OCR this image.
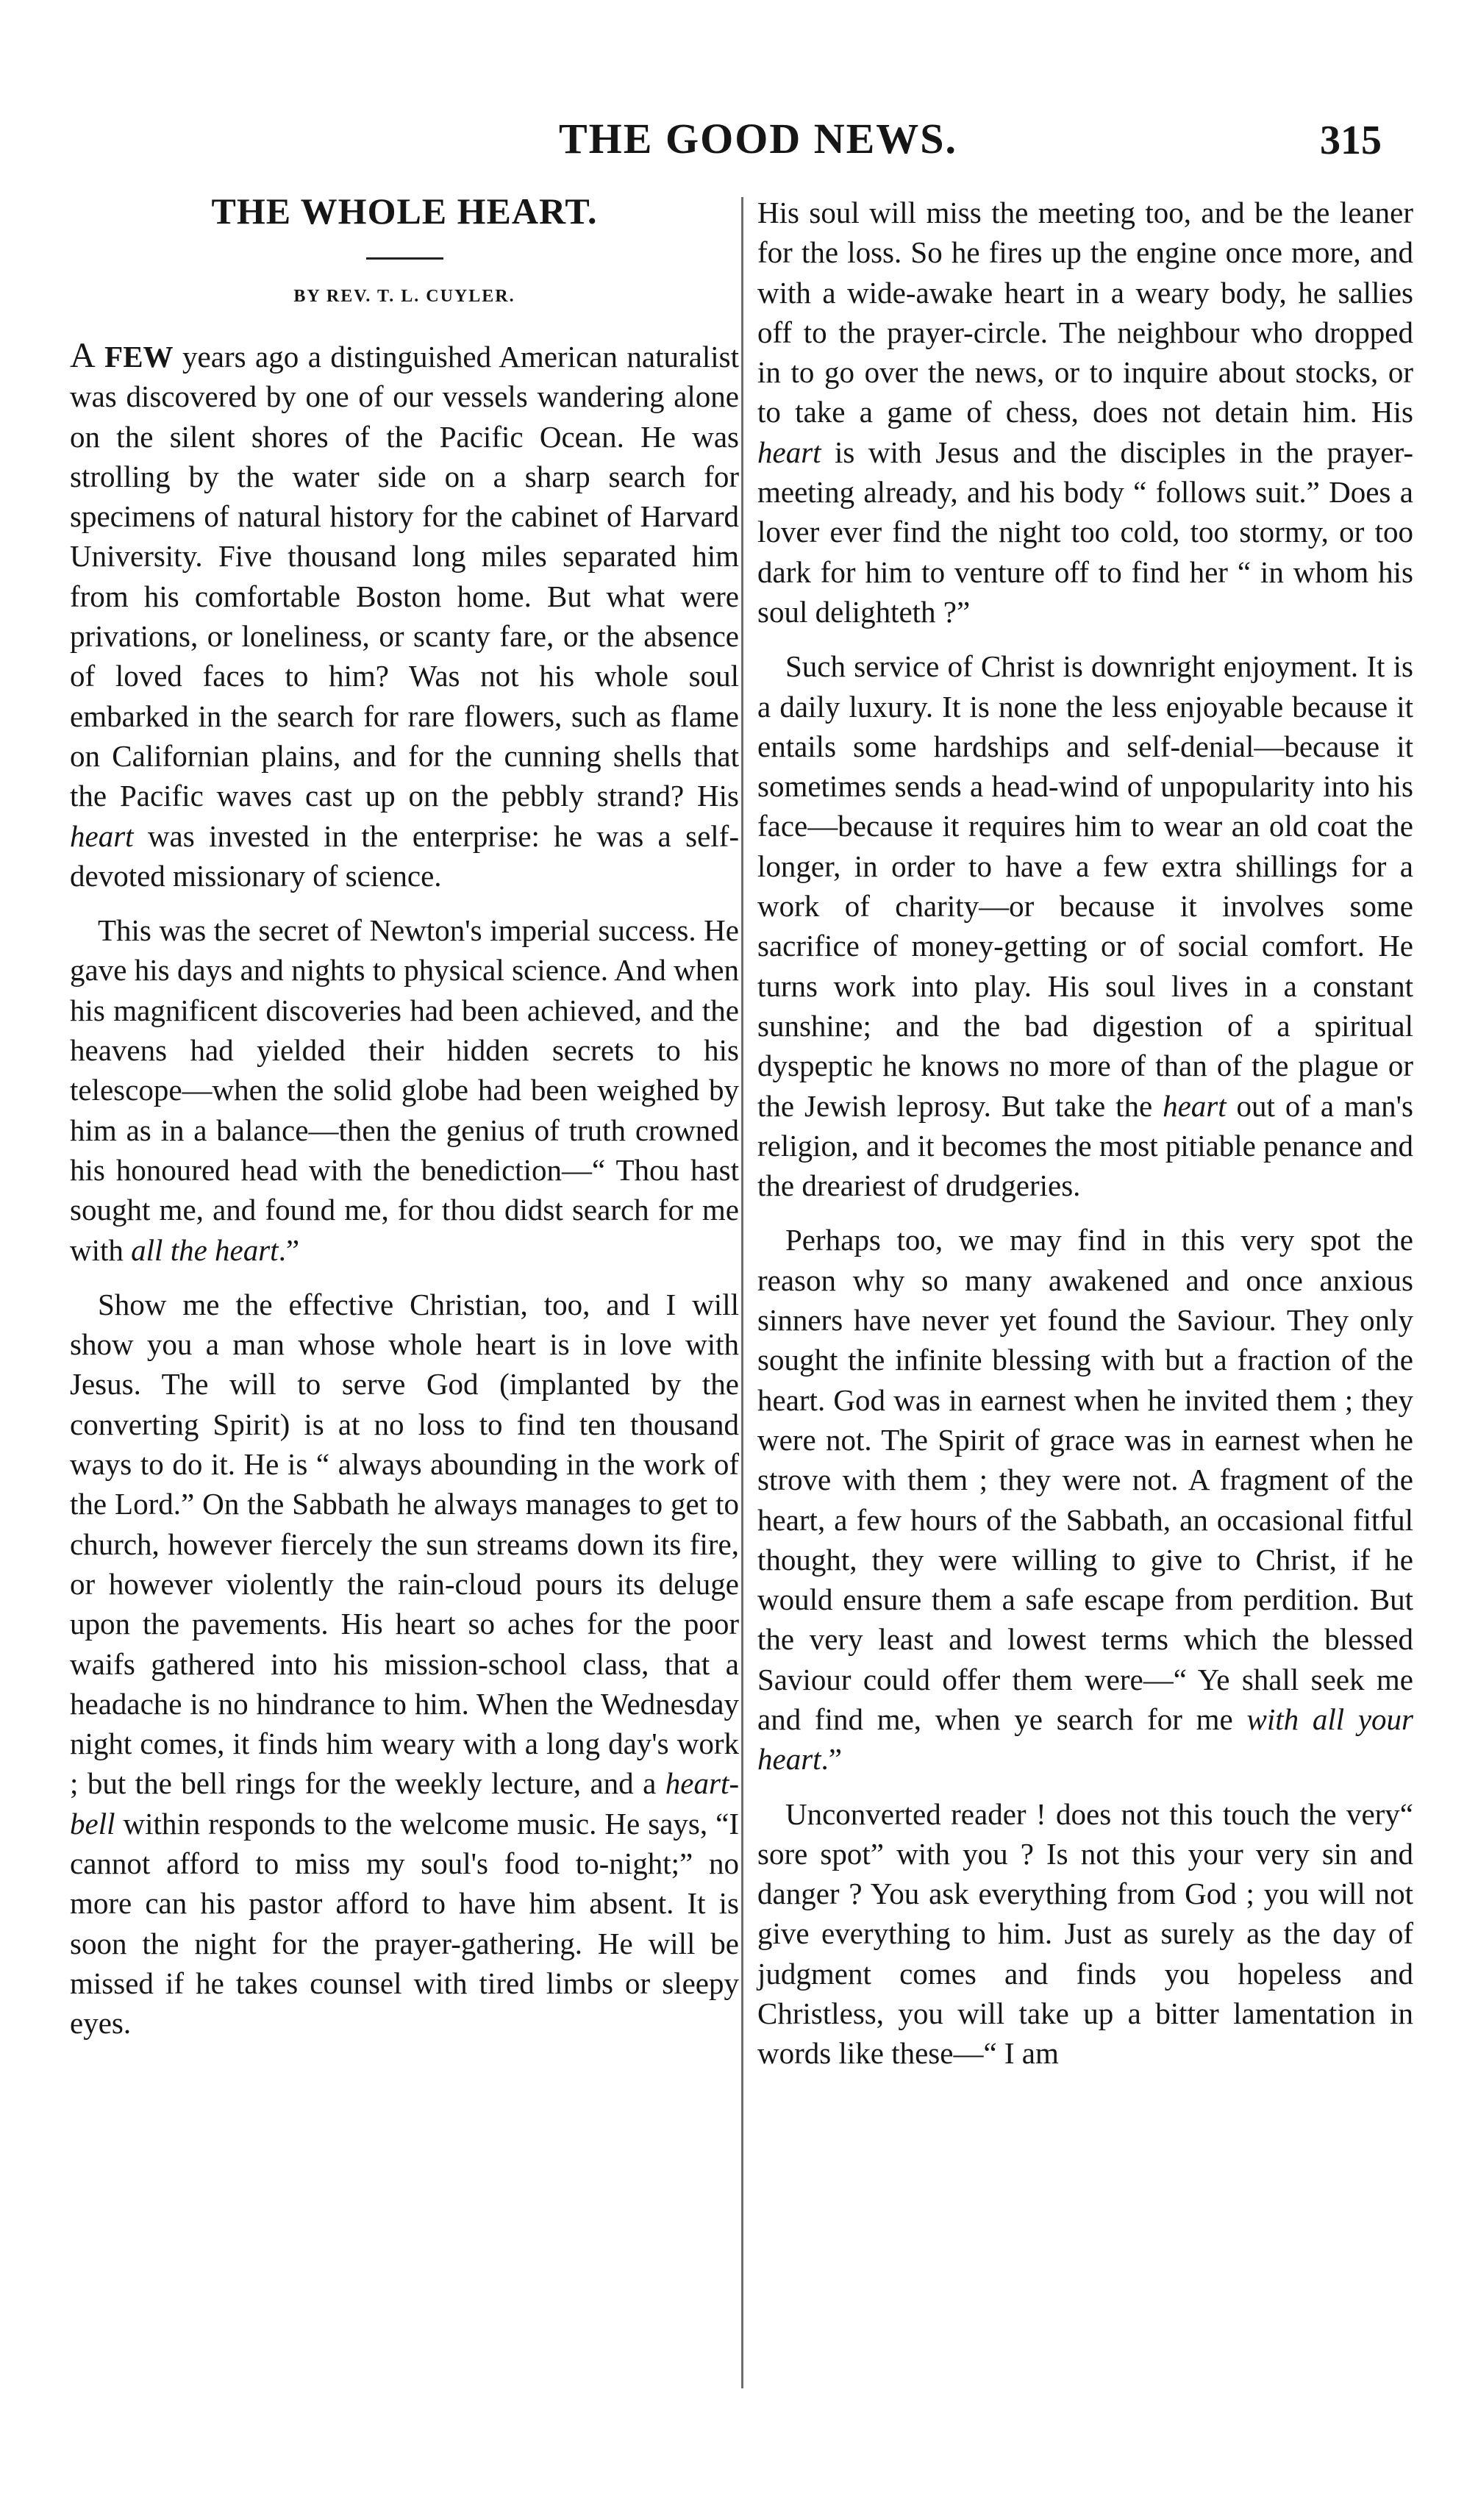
THE GOOD NEWS.	315
THE WHOLE HEART.

BY REV. T. L. CUYLER.

A FEW years ago a distinguished American naturalist was discovered by one of our vessels wandering alone on the silent shores of the Pacific Ocean. He was strolling by the water side on a sharp search for specimens of natural history for the cabinet of Harvard University. Five thousand long miles separated him from his comfortable Boston home. But what were privations, or loneliness, or scanty fare, or the absence of loved faces to him? Was not his whole soul embarked in the search for rare flowers, such as flame on Californian plains, and for the cunning shells that the Pacific waves cast up on the pebbly strand? His heart was invested in the enterprise: he was a self-devoted missionary of science.

This was the secret of Newton's imperial success. He gave his days and nights to physical science. And when his magnificent discoveries had been achieved, and the heavens had yielded their hidden secrets to his telescope—when the solid globe had been weighed by him as in a balance—then the genius of truth crowned his honoured head with the benediction—“ Thou hast sought me, and found me, for thou didst search for me with all the heart.”

Show me the effective Christian, too, and I will show you a man whose whole heart is in love with Jesus. The will to serve God (implanted by the converting Spirit) is at no loss to find ten thousand ways to do it. He is “ always abounding in the work of the Lord.” On the Sabbath he always manages to get to church, however fiercely the sun streams down its fire, or however violently the rain-cloud pours its deluge upon the pavements. His heart so aches for the poor waifs gathered into his mission-school class, that a headache is no hindrance to him. When the Wednesday night comes, it finds him weary with a long day's work ; but the bell rings for the weekly lecture, and a heart-bell within responds to the welcome music. He says, “I cannot afford to miss my soul's food to-night;” no more can his pastor afford to have him absent. It is soon the night for the prayer-gathering. He will be missed if he takes counsel with tired limbs or sleepy eyes.

His soul will miss the meeting too, and be the leaner for the loss. So he fires up the engine once more, and with a wide-awake heart in a weary body, he sallies off to the prayer-circle. The neighbour who dropped in to go over the news, or to inquire about stocks, or to take a game of chess, does not detain him. His heart is with Jesus and the disciples in the prayer-meeting already, and his body “ follows suit.” Does a lover ever find the night too cold, too stormy, or too dark for him to venture off to find her “ in whom his soul delighteth ?”

Such service of Christ is downright enjoyment. It is a daily luxury. It is none the less enjoyable because it entails some hardships and self-denial—because it sometimes sends a head-wind of unpopularity into his face—because it requires him to wear an old coat the longer, in order to have a few extra shillings for a work of charity—or because it involves some sacrifice of money-getting or of social comfort. He turns work into play. His soul lives in a constant sunshine; and the bad digestion of a spiritual dyspeptic he knows no more of than of the plague or the Jewish leprosy. But take the heart out of a man's religion, and it becomes the most pitiable penance and the dreariest of drudgeries.

Perhaps too, we may find in this very spot the reason why so many awakened and once anxious sinners have never yet found the Saviour. They only sought the infinite blessing with but a fraction of the heart. God was in earnest when he invited them ; they were not. The Spirit of grace was in earnest when he strove with them ; they were not. A fragment of the heart, a few hours of the Sabbath, an occasional fitful thought, they were willing to give to Christ, if he would ensure them a safe escape from perdition. But the very least and lowest terms which the blessed Saviour could offer them were—“ Ye shall seek me and find me, when ye search for me with all your heart.”

Unconverted reader ! does not this touch the very“ sore spot” with you ? Is not this your very sin and danger ? You ask everything from God ; you will not give everything to him. Just as surely as the day of judgment comes and finds you hopeless and Christless, you will take up a bitter lamentation in words like these—“ I am
